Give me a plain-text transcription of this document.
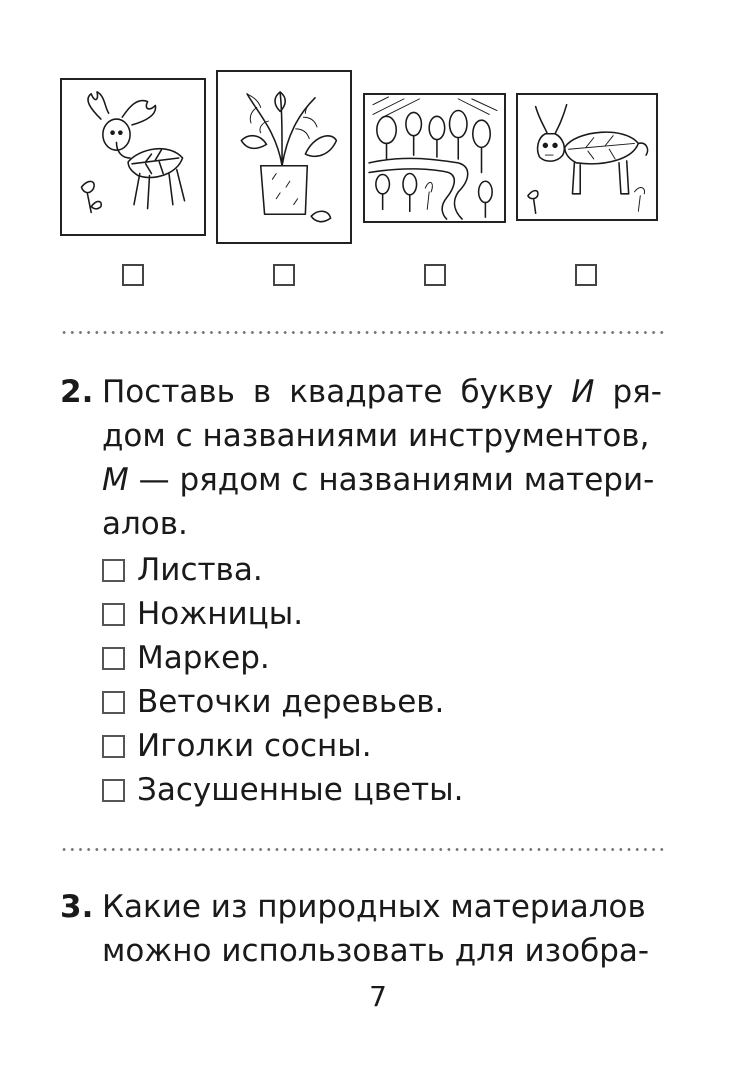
2. Поставь в квадрате букву И ря-
дом с названиями инструментов,
М — рядом с названиями матери-
алов.
Листва.
Ножницы.
Маркер.
Веточки деревьев.
Иголки сосны.
Засушенные цветы.
3. Какие из природных материалов
можно использовать для изобра-
7
